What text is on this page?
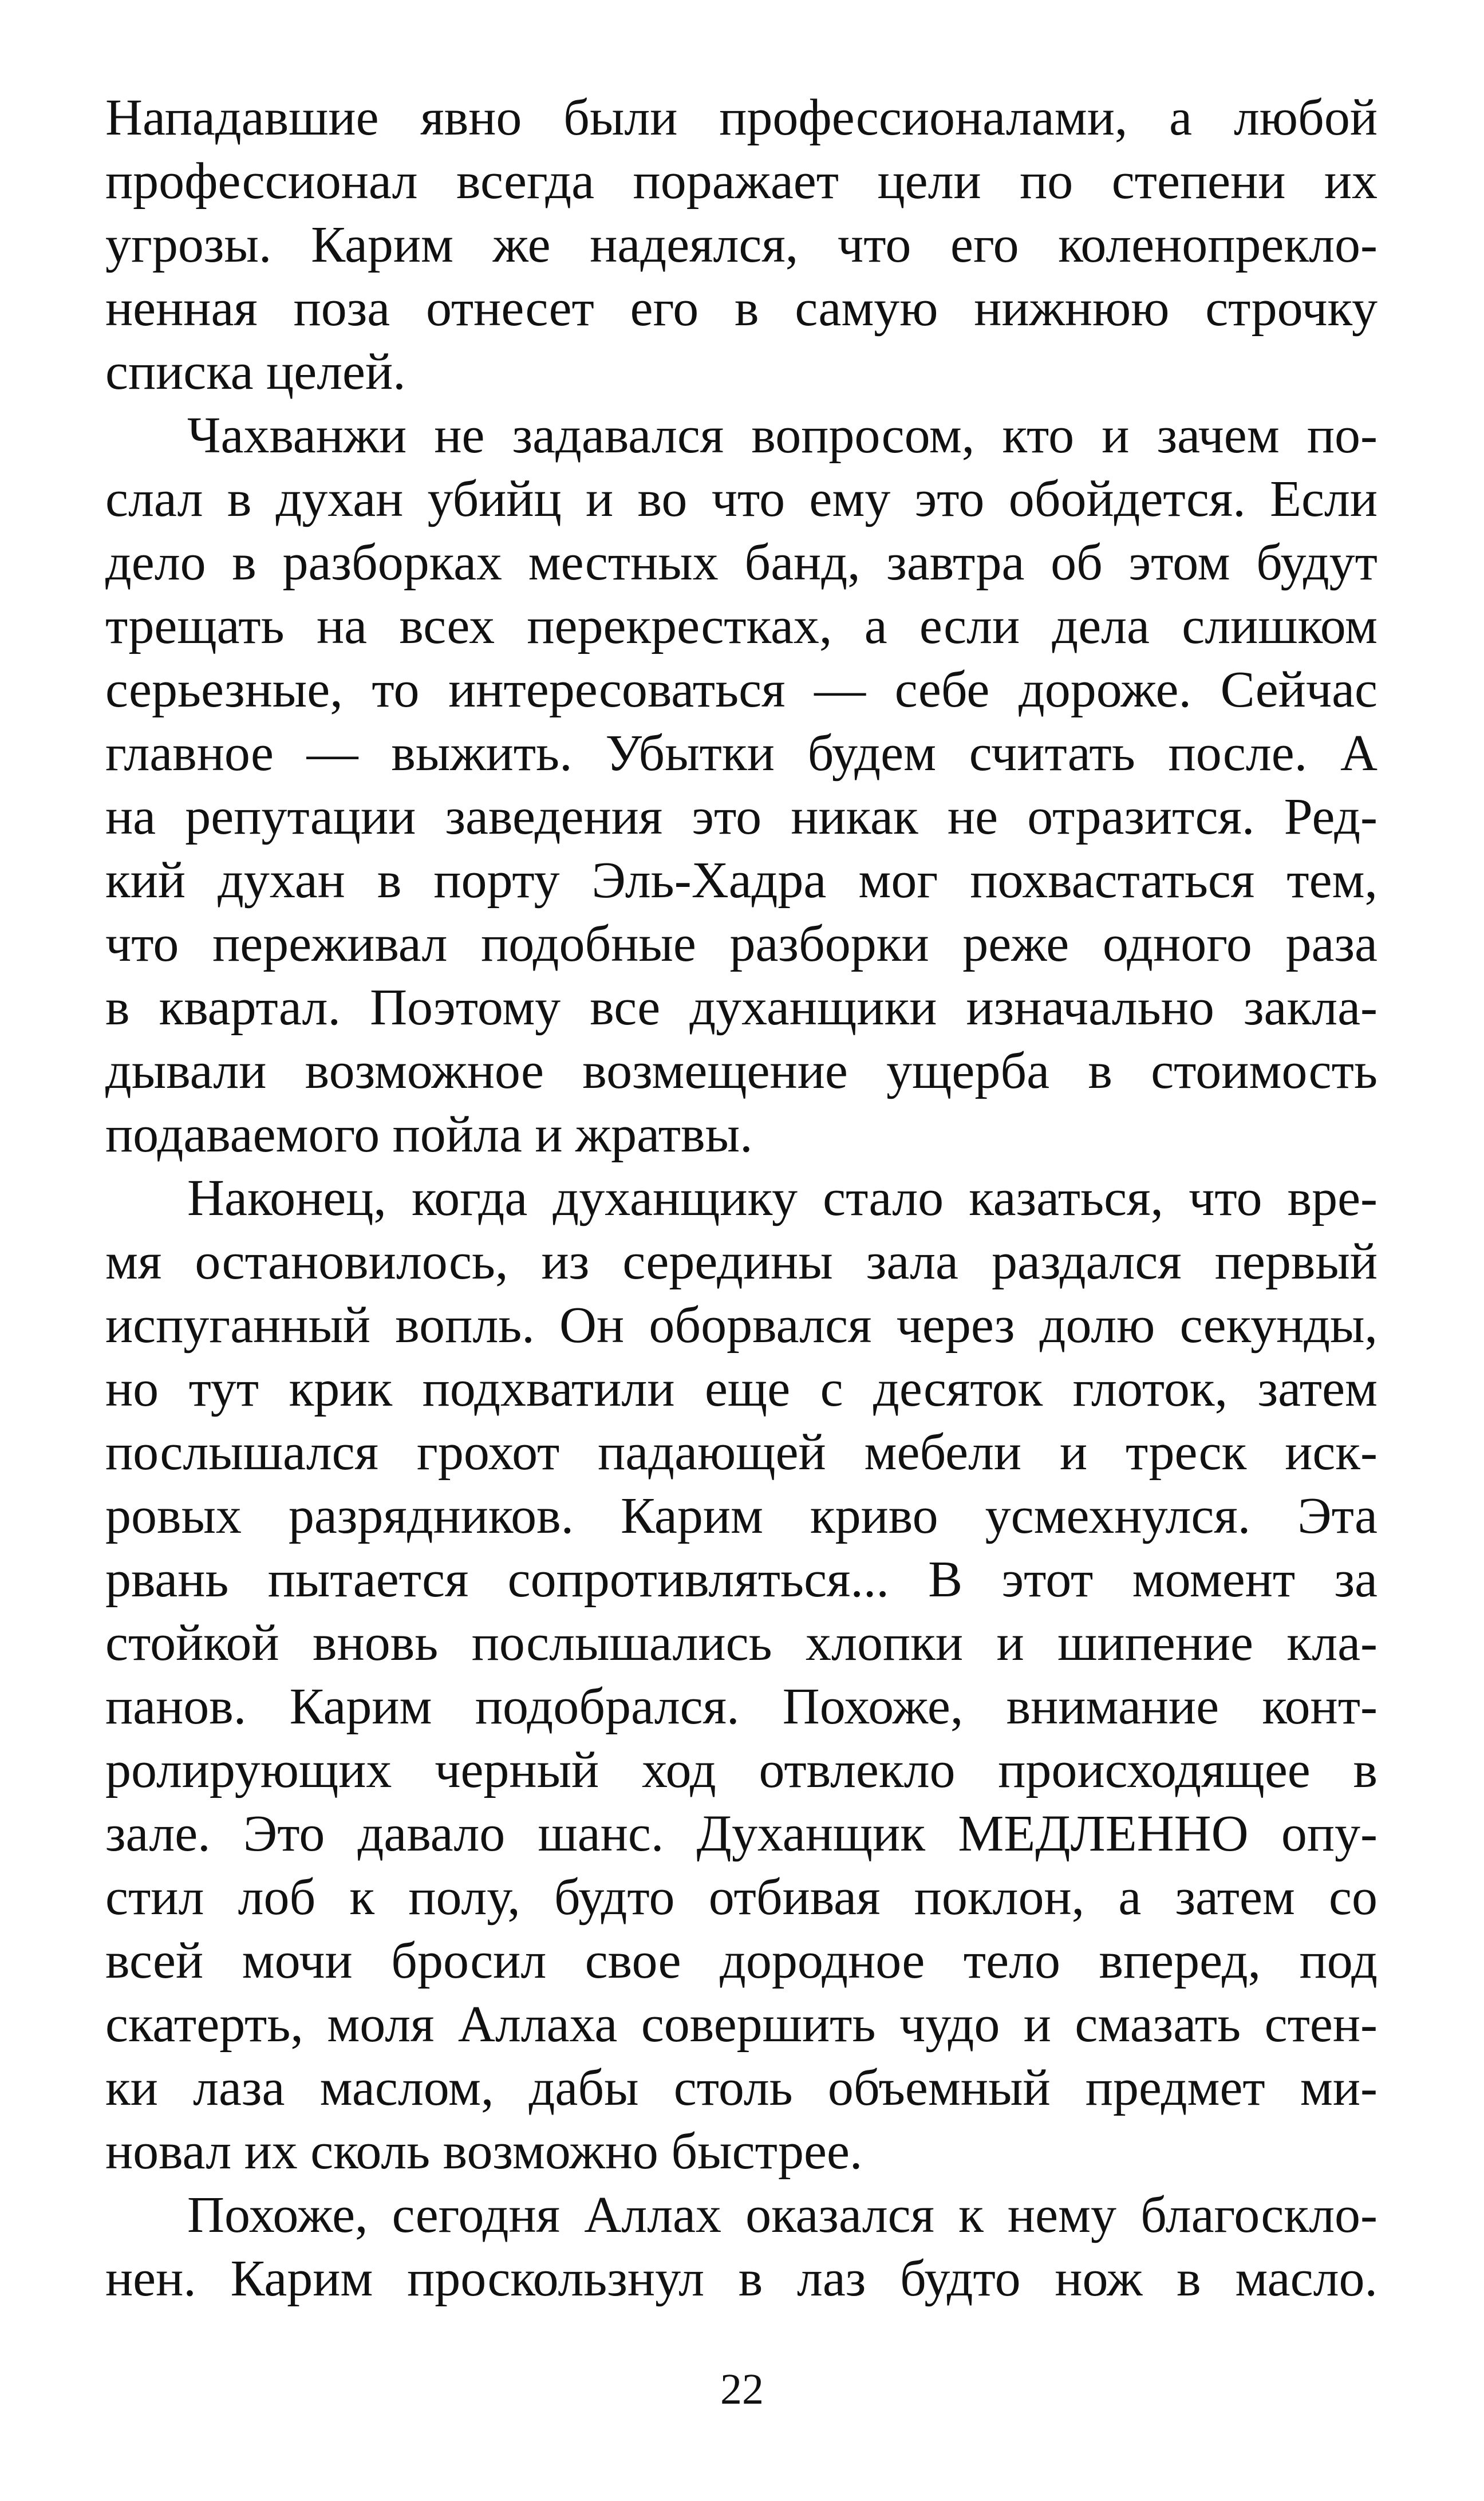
Нападавшие явно были профессионалами, а любой
профессионал всегда поражает цели по степени их
угрозы. Карим же надеялся, что его коленопрекло-
ненная поза отнесет его в самую нижнюю строчку
списка целей.
Чахванжи не задавался вопросом, кто и зачем по-
слал в духан убийц и во что ему это обойдется. Если
дело в разборках местных банд, завтра об этом будут
трещать на всех перекрестках, а если дела слишком
серьезные, то интересоваться — себе дороже. Сейчас
главное — выжить. Убытки будем считать после. А
на репутации заведения это никак не отразится. Ред-
кий духан в порту Эль-Хадра мог похвастаться тем,
что переживал подобные разборки реже одного раза
в квартал. Поэтому все духанщики изначально закла-
дывали возможное возмещение ущерба в стоимость
подаваемого пойла и жратвы.
Наконец, когда духанщику стало казаться, что вре-
мя остановилось, из середины зала раздался первый
испуганный вопль. Он оборвался через долю секунды,
но тут крик подхватили еще с десяток глоток, затем
послышался грохот падающей мебели и треск иск-
ровых разрядников. Карим криво усмехнулся. Эта
рвань пытается сопротивляться... В этот момент за
стойкой вновь послышались хлопки и шипение кла-
панов. Карим подобрался. Похоже, внимание конт-
ролирующих черный ход отвлекло происходящее в
зале. Это давало шанс. Духанщик МЕДЛЕННО опу-
стил лоб к полу, будто отбивая поклон, а затем со
всей мочи бросил свое дородное тело вперед, под
скатерть, моля Аллаха совершить чудо и смазать стен-
ки лаза маслом, дабы столь объемный предмет ми-
новал их сколь возможно быстрее.
Похоже, сегодня Аллах оказался к нему благоскло-
нен. Карим проскользнул в лаз будто нож в масло.
22
